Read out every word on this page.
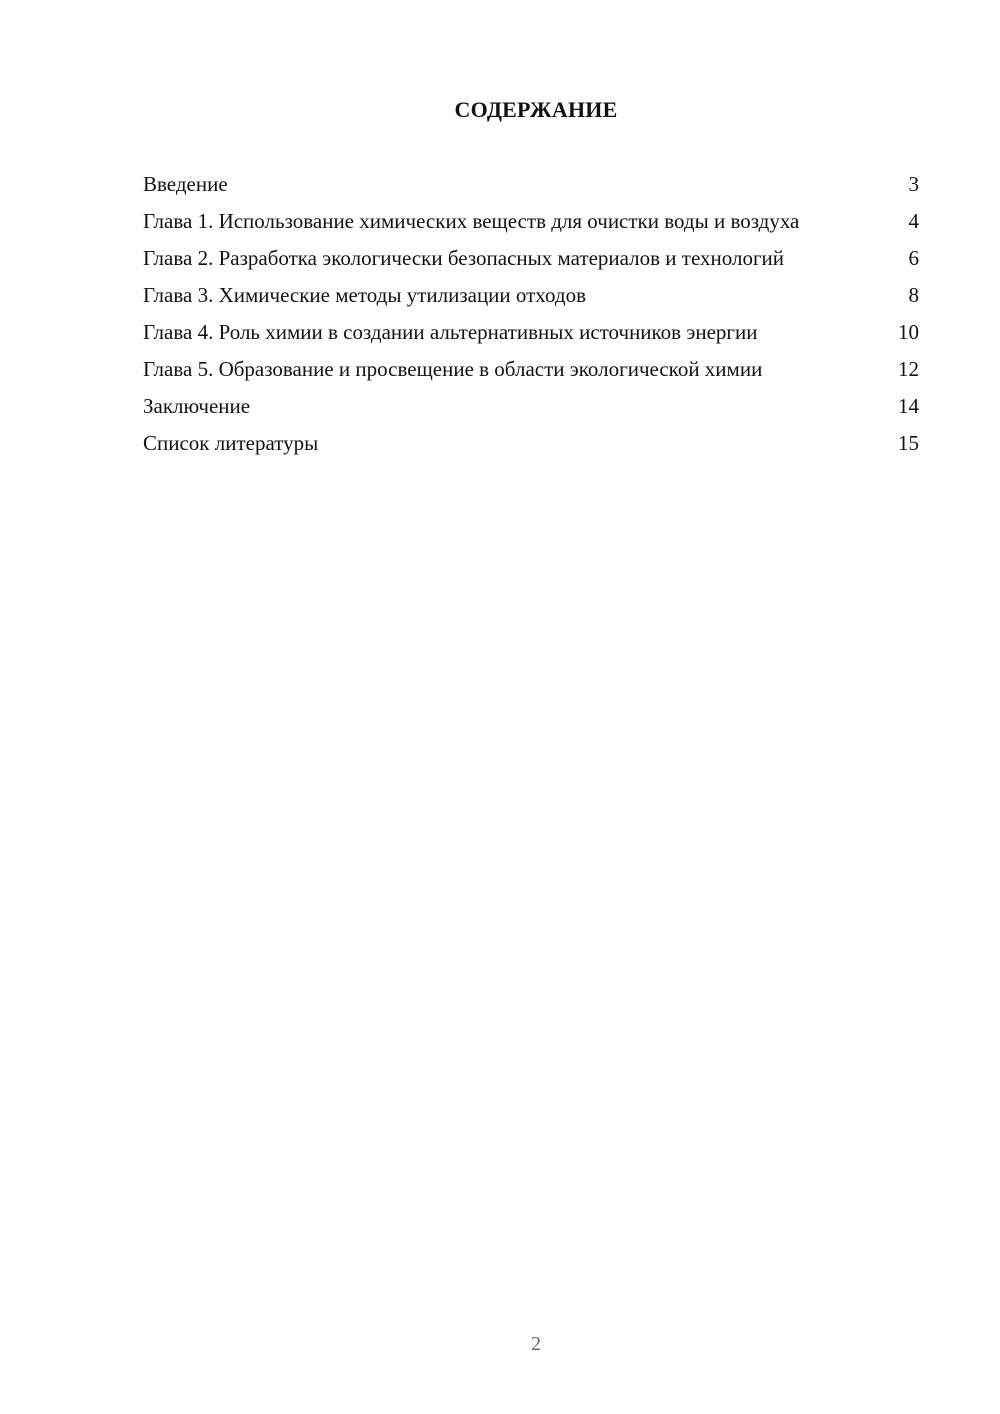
СОДЕРЖАНИЕ
Введение	3
Глава 1. Использование химических веществ для очистки воды и воздуха	4
Глава 2. Разработка экологически безопасных материалов и технологий	6
Глава 3. Химические методы утилизации отходов	8
Глава 4. Роль химии в создании альтернативных источников энергии	10
Глава 5. Образование и просвещение в области экологической химии	12
Заключение	14
Список литературы	15
2
